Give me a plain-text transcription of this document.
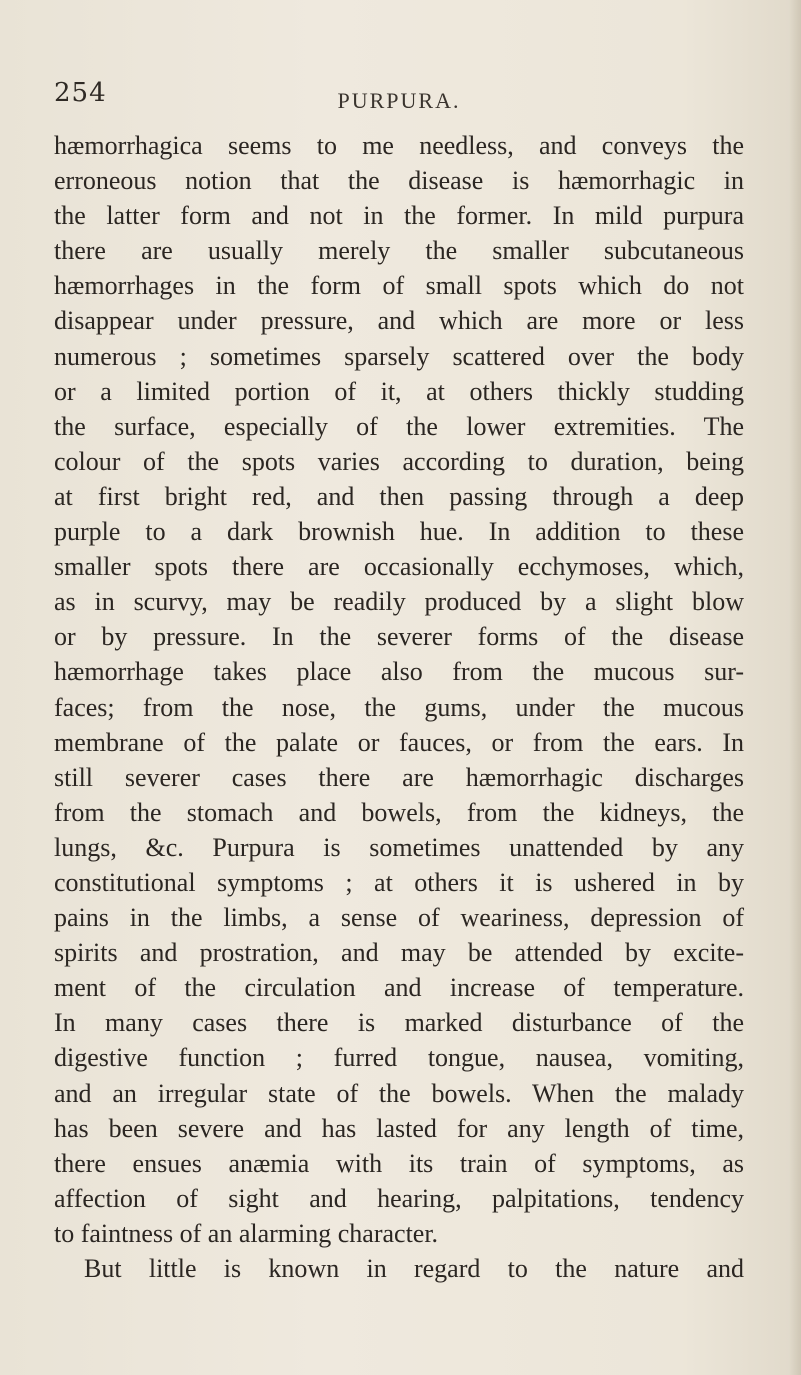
254	PURPURA.
hæmorrhagica seems to me needless, and conveys the
erroneous notion that the disease is hæmorrhagic in
the latter form and not in the former. In mild purpura
there are usually merely the smaller subcutaneous
hæmorrhages in the form of small spots which do not
disappear under pressure, and which are more or less
numerous ; sometimes sparsely scattered over the body
or a limited portion of it, at others thickly studding
the surface, especially of the lower extremities. The
colour of the spots varies according to duration, being
at first bright red, and then passing through a deep
purple to a dark brownish hue. In addition to these
smaller spots there are occasionally ecchymoses, which,
as in scurvy, may be readily produced by a slight blow
or by pressure. In the severer forms of the disease
hæmorrhage takes place also from the mucous sur-
faces; from the nose, the gums, under the mucous
membrane of the palate or fauces, or from the ears. In
still severer cases there are hæmorrhagic discharges
from the stomach and bowels, from the kidneys, the
lungs, &c. Purpura is sometimes unattended by any
constitutional symptoms ; at others it is ushered in by
pains in the limbs, a sense of weariness, depression of
spirits and prostration, and may be attended by excite-
ment of the circulation and increase of temperature.
In many cases there is marked disturbance of the
digestive function ; furred tongue, nausea, vomiting,
and an irregular state of the bowels. When the malady
has been severe and has lasted for any length of time,
there ensues anæmia with its train of symptoms, as
affection of sight and hearing, palpitations, tendency
to faintness of an alarming character.
But little is known in regard to the nature and
